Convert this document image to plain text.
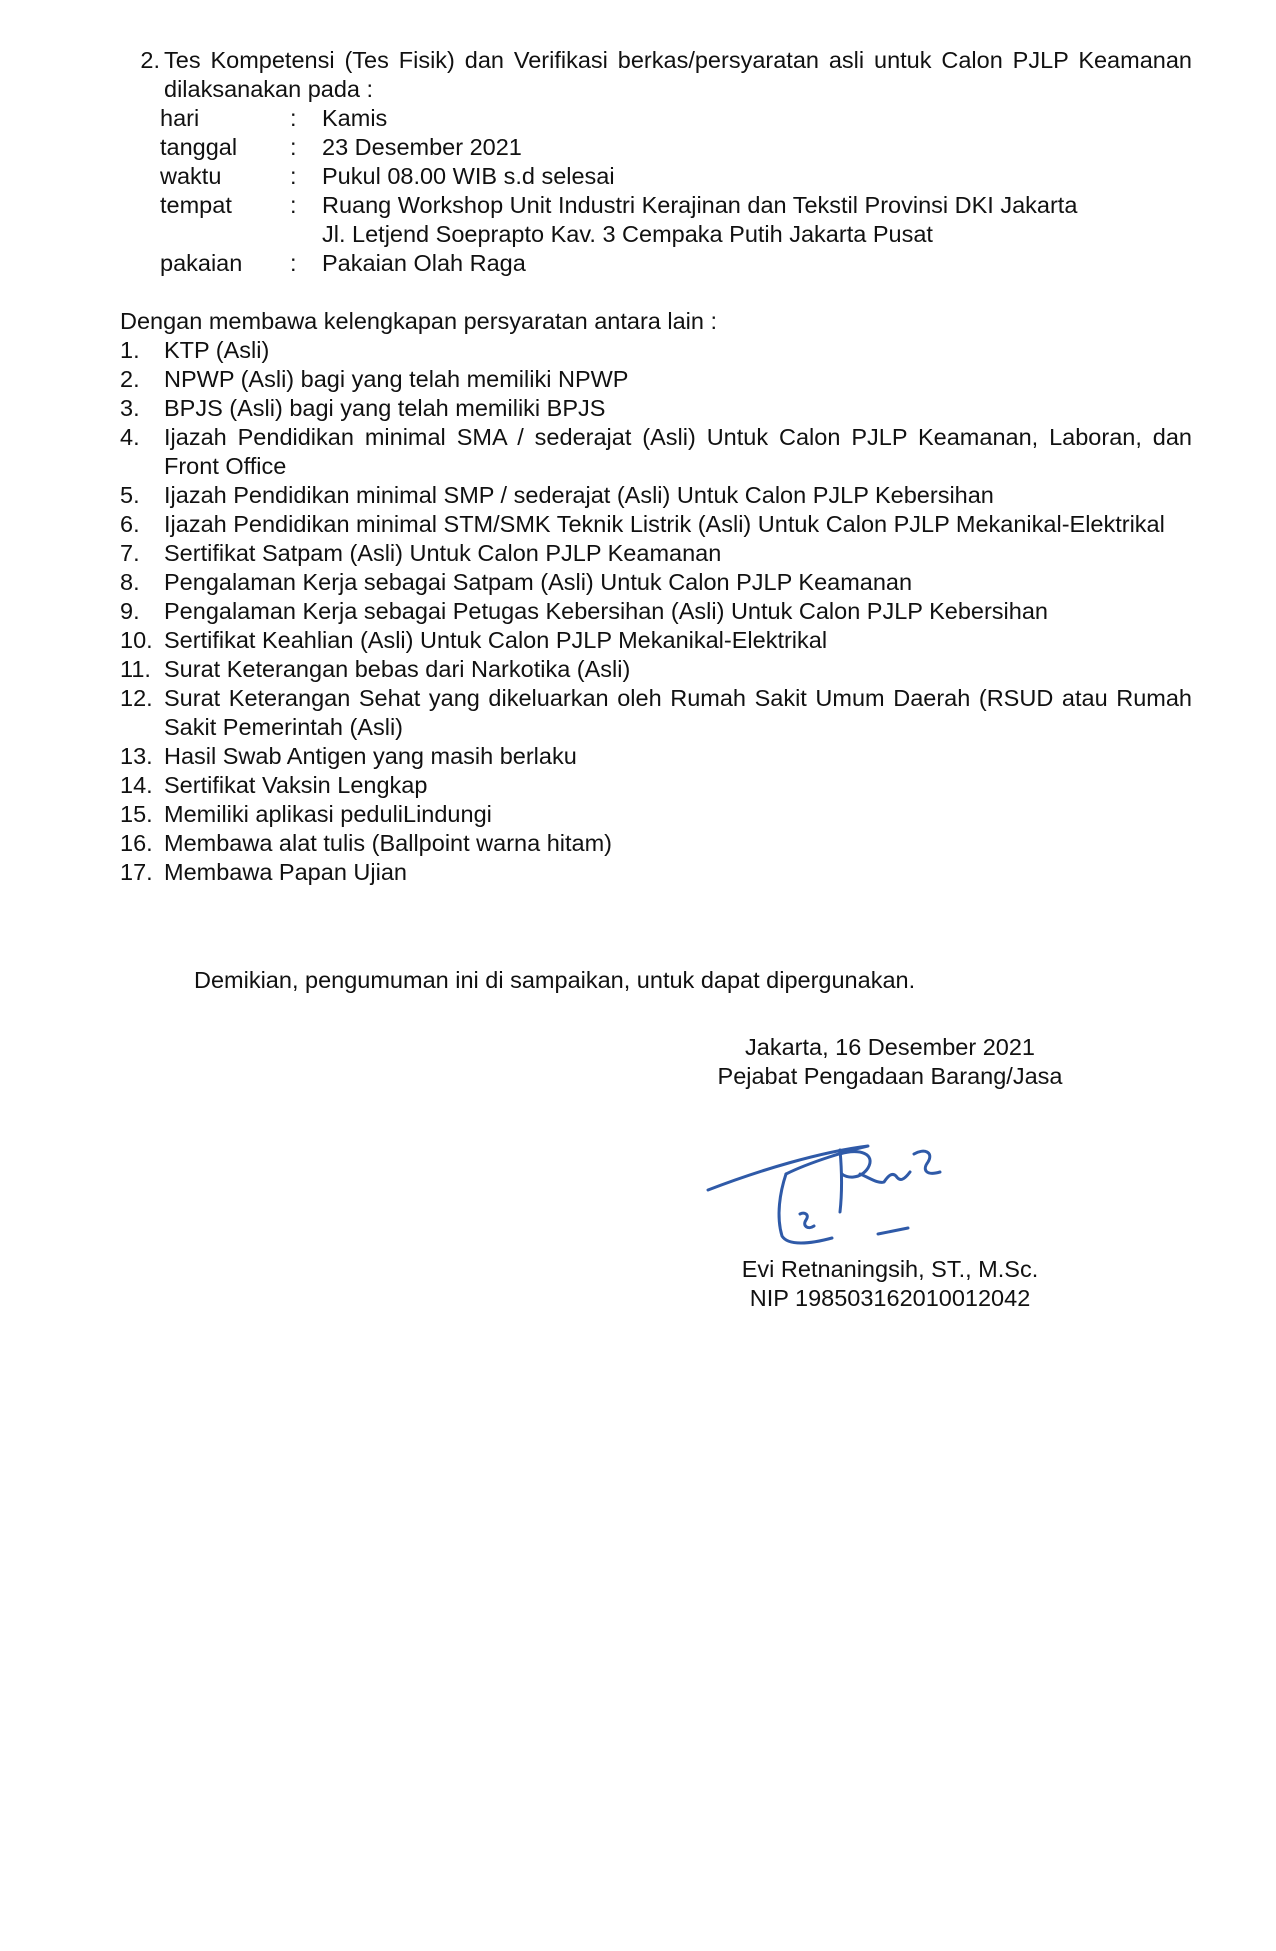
2. Tes Kompetensi (Tes Fisik) dan Verifikasi berkas/persyaratan asli untuk Calon PJLP Keamanan dilaksanakan pada :
hari	:	Kamis
tanggal	:	23 Desember 2021
waktu	:	Pukul 08.00 WIB s.d selesai
tempat	:	Ruang Workshop Unit Industri Kerajinan dan Tekstil Provinsi DKI Jakarta
Jl. Letjend Soeprapto Kav. 3 Cempaka Putih Jakarta Pusat
pakaian	:	Pakaian Olah Raga
Dengan membawa kelengkapan persyaratan antara lain :
1.	KTP (Asli)
2.	NPWP (Asli) bagi yang telah memiliki NPWP
3.	BPJS (Asli) bagi yang telah memiliki BPJS
4.	Ijazah Pendidikan minimal SMA / sederajat (Asli) Untuk Calon PJLP Keamanan, Laboran, dan Front Office
5.	Ijazah Pendidikan minimal SMP / sederajat (Asli) Untuk Calon PJLP Kebersihan
6.	Ijazah Pendidikan minimal STM/SMK Teknik Listrik (Asli) Untuk Calon PJLP Mekanikal-Elektrikal
7.	Sertifikat Satpam (Asli) Untuk Calon PJLP Keamanan
8.	Pengalaman Kerja sebagai Satpam (Asli) Untuk Calon PJLP Keamanan
9.	Pengalaman Kerja sebagai Petugas Kebersihan (Asli) Untuk Calon PJLP Kebersihan
10. Sertifikat Keahlian (Asli) Untuk Calon PJLP Mekanikal-Elektrikal
11. Surat Keterangan bebas dari Narkotika (Asli)
12. Surat Keterangan Sehat yang dikeluarkan oleh Rumah Sakit Umum Daerah (RSUD atau Rumah Sakit Pemerintah (Asli)
13. Hasil Swab Antigen yang masih berlaku
14. Sertifikat Vaksin Lengkap
15. Memiliki aplikasi peduliLindungi
16. Membawa alat tulis (Ballpoint warna hitam)
17. Membawa Papan Ujian
Demikian, pengumuman ini di sampaikan, untuk dapat dipergunakan.
Jakarta, 16 Desember 2021
Pejabat Pengadaan Barang/Jasa
Evi Retnaningsih, ST., M.Sc.
NIP 198503162010012042
